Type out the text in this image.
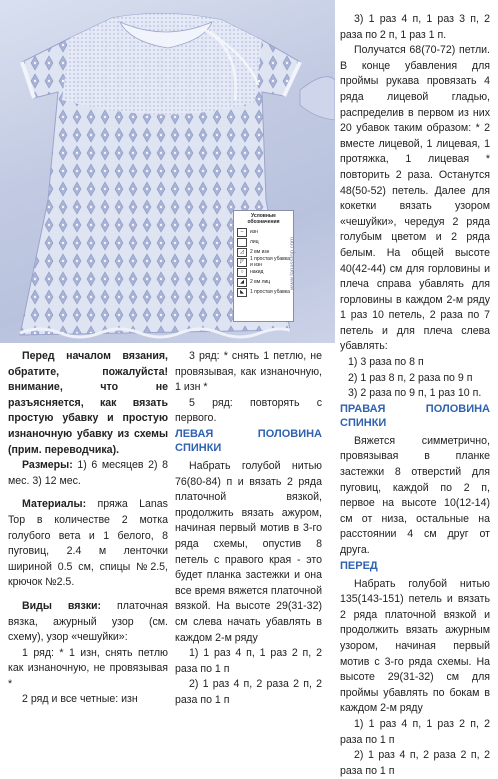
Условные обозначения
–	изн
лиц
◿	2 вм изн
◸	1 простая убавка и изн
○	накид
◢	2 вм лиц
◣	1 простая убавка
www.lanasstop.com

Перед началом вязания, обратите, пожалуйста! внимание, что не разъясняется, как вязать простую убавку и простую изнаночную убавку из схемы (прим. переводчика).

Размеры: 1) 6 месяцев 2) 8 мес. 3) 12 мес.

Материалы: пряжа Lanas Top в количестве 2 мотка голубого вета и 1 белого, 8 пуговиц, 2.4 м ленточки шириной 0.5 см, спицы №2.5, крючок №2.5.

Виды вязки: платочная вязка, ажурный узор (см. схему), узор «чешуйки»:

1 ряд: * 1 изн, снять петлю как изнаночную, не провязывая *

2 ряд и все четные: изн

3 ряд: * снять 1 петлю, не провязывая, как изнаночную, 1 изн *

5 ряд: повторять с первого.

ЛЕВАЯ ПОЛОВИНА СПИНКИ

Набрать голубой нитью 76(80-84) п и вязать 2 ряда платочной вязкой, продолжить вязать ажуром, начиная первый мотив в 3-го ряда схемы, опустив 8 петель с правого края - это будет планка застежки и она все время вяжется платочной вязкой. На высоте 29(31-32) см слева начать убавлять в каждом 2-м ряду

1) 1 раз 4 п, 1 раз 2 п, 2 раза по 1 п

2) 1 раз 4 п, 2 раза 2 п, 2 раза по 1 п

3) 1 раз 4 п, 1 раз 3 п, 2 раза по 2 п, 1 раз 1 п.

Получатся 68(70-72) петли. В конце убавления для проймы рукава провязать 4 ряда лицевой гладью, распределив в первом из них 20 убавок таким образом: * 2 вместе лицевой, 1 лицевая, 1 протяжка, 1 лицевая * повторить 2 раза. Останутся 48(50-52) петель. Далее для кокетки вязать узором «чешуйки», чередуя 2 ряда голубым цветом и 2 ряда белым. На общей высоте 40(42-44) см для горловины и плеча справа убавлять для горловины в каждом 2-м ряду 1 раз 10 петель, 2 раза по 7 петель и для плеча слева убавлять:

1) 3 раза по 8 п

2) 1 раз 8 п, 2 раза по 9 п

3) 2 раза по 9 п, 1 раз 10 п.

ПРАВАЯ ПОЛОВИНА СПИНКИ

Вяжется симметрично, провязывая в планке застежки 8 отверстий для пуговиц, каждой по 2 п, первое на высоте 10(12-14) см от низа, остальные на расстоянии 4 см друг от друга.

ПЕРЕД

Набрать голубой нитью 135(143-151) петель и вязать 2 ряда платочной вязкой и продолжить вязать ажурным узором, начиная первый мотив с 3-го ряда схемы. На высоте 29(31-32) см для проймы убавлять по бокам в каждом 2-м ряду

1) 1 раз 4 п, 1 раз 2 п, 2 раза по 1 п

2) 1 раз 4 п, 2 раза 2 п, 2 раза по 1 п
